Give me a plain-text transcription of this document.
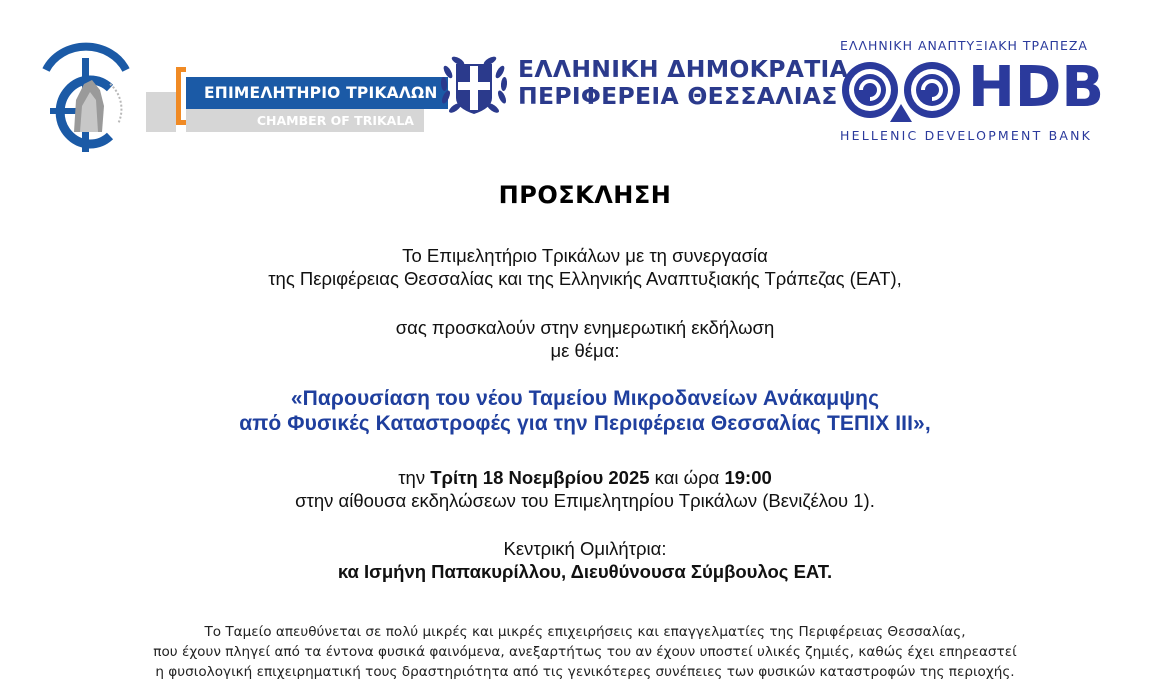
ΕΠΙΜΕΛΗΤΗΡΙΟ ΤΡΙΚΑΛΩΝ
CHAMBER OF TRIKALA
ΕΛΛΗΝΙΚΗ ΔΗΜΟΚΡΑΤΙΑ
ΠΕΡΙΦΕΡΕΙΑ ΘΕΣΣΑΛΙΑΣ
ΕΛΛΗΝΙΚΗ ΑΝΑΠΤΥΞΙΑΚΗ ΤΡΑΠΕΖΑ
HDB
HELLENIC DEVELOPMENT BANK
ΠΡΟΣΚΛΗΣΗ
Το Επιμελητήριο Τρικάλων με τη συνεργασία
της Περιφέρειας Θεσσαλίας και της Ελληνικής Αναπτυξιακής Τράπεζας (ΕΑΤ),
σας προσκαλούν στην ενημερωτική εκδήλωση
με θέμα:
«Παρουσίαση του νέου Ταμείου Μικροδανείων Ανάκαμψης
από Φυσικές Καταστροφές για την Περιφέρεια Θεσσαλίας ΤΕΠΙΧ ΙΙΙ»,
την Τρίτη 18 Νοεμβρίου 2025 και ώρα 19:00
στην αίθουσα εκδηλώσεων του Επιμελητηρίου Τρικάλων (Βενιζέλου 1).
Κεντρική Ομιλήτρια:
κα Ισμήνη Παπακυρίλλου, Διευθύνουσα Σύμβουλος ΕΑΤ.
Το Ταμείο απευθύνεται σε πολύ μικρές και μικρές επιχειρήσεις και επαγγελματίες της Περιφέρειας Θεσσαλίας,
που έχουν πληγεί από τα έντονα φυσικά φαινόμενα, ανεξαρτήτως του αν έχουν υποστεί υλικές ζημιές, καθώς έχει επηρεαστεί
η φυσιολογική επιχειρηματική τους δραστηριότητα από τις γενικότερες συνέπειες των φυσικών καταστροφών της περιοχής.
